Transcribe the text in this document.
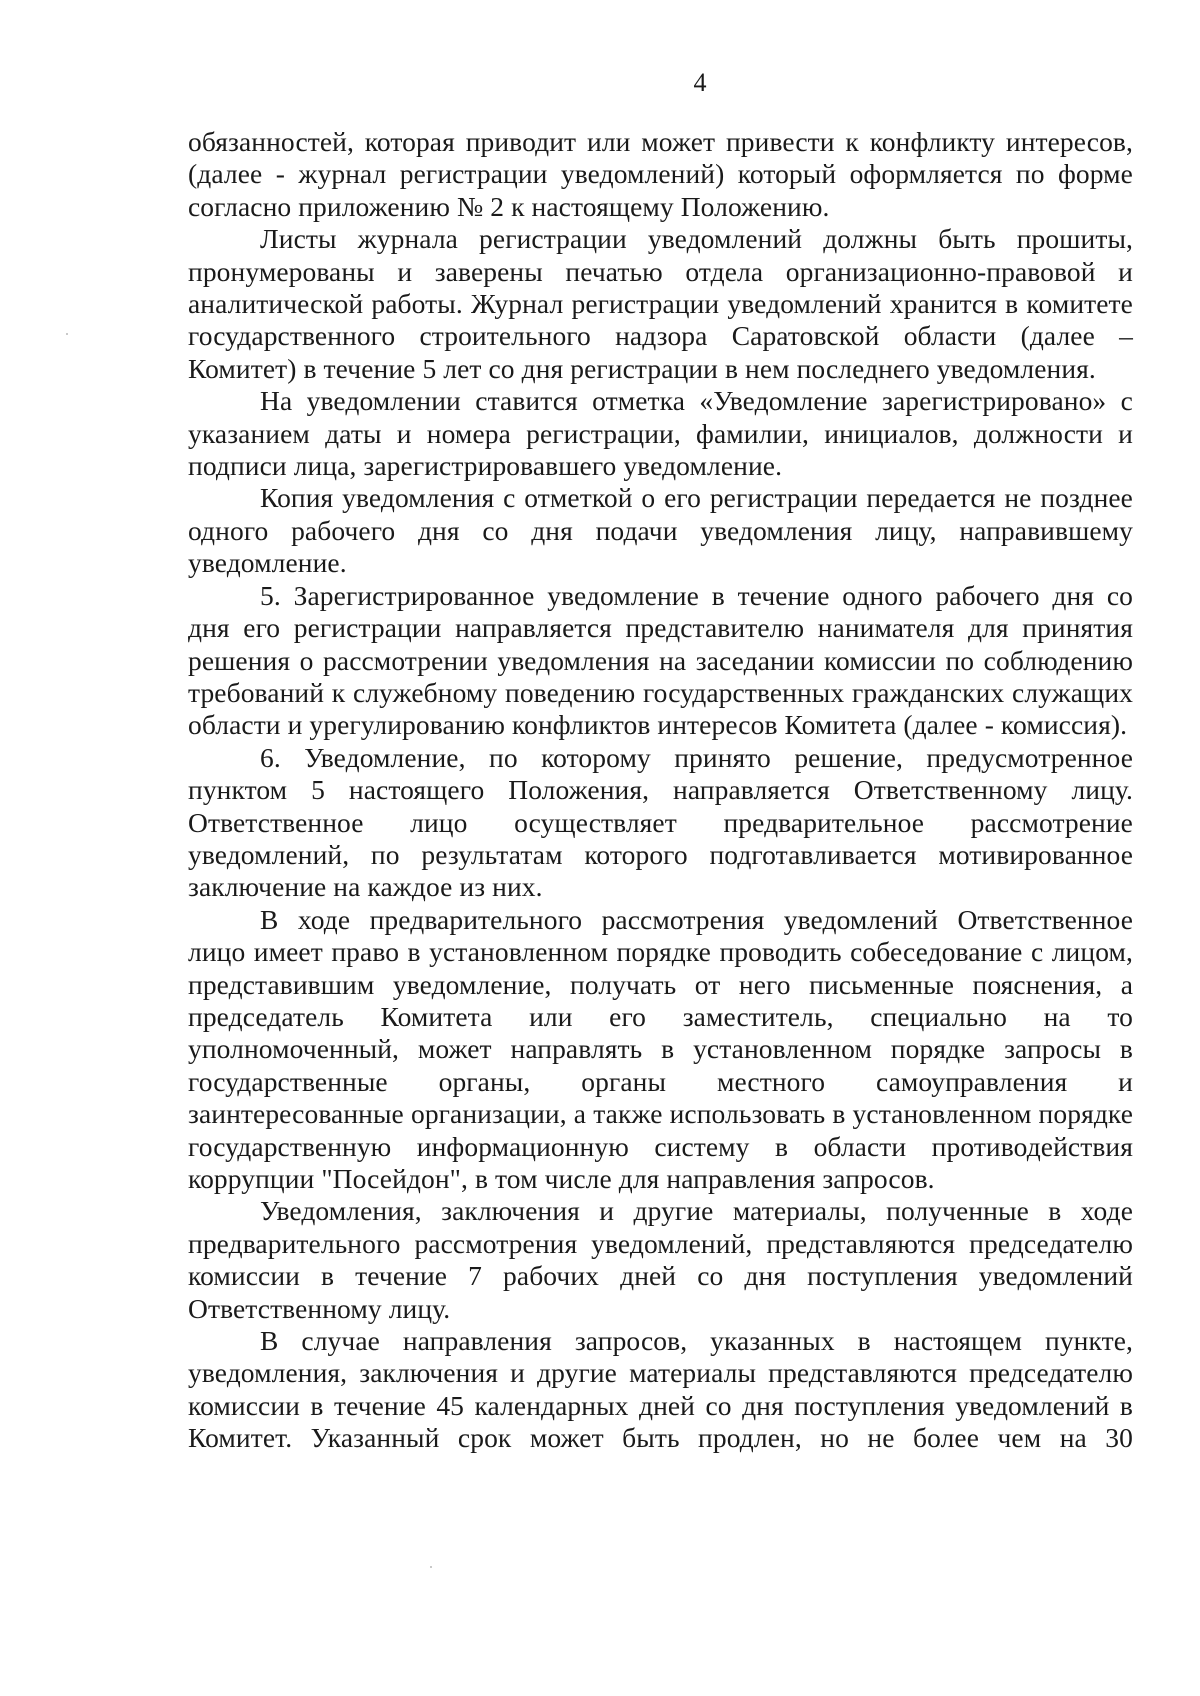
4

обязанностей, которая приводит или может привести к конфликту интересов, (далее - журнал регистрации уведомлений) который оформляется по форме согласно приложению № 2 к настоящему Положению.

Листы журнала регистрации уведомлений должны быть прошиты, пронумерованы и заверены печатью отдела организационно-правовой и аналитической работы. Журнал регистрации уведомлений хранится в комитете государственного строительного надзора Саратовской области (далее – Комитет) в течение 5 лет со дня регистрации в нем последнего уведомления.

На уведомлении ставится отметка «Уведомление зарегистрировано» с указанием даты и номера регистрации, фамилии, инициалов, должности и подписи лица, зарегистрировавшего уведомление.

Копия уведомления с отметкой о его регистрации передается не позднее одного рабочего дня со дня подачи уведомления лицу, направившему уведомление.

5. Зарегистрированное уведомление в течение одного рабочего дня со дня его регистрации направляется представителю нанимателя для принятия решения о рассмотрении уведомления на заседании комиссии по соблюдению требований к служебному поведению государственных гражданских служащих области и урегулированию конфликтов интересов Комитета (далее - комиссия).

6. Уведомление, по которому принято решение, предусмотренное пунктом 5 настоящего Положения, направляется Ответственному лицу. Ответственное лицо осуществляет предварительное рассмотрение уведомлений, по результатам которого подготавливается мотивированное заключение на каждое из них.

В ходе предварительного рассмотрения уведомлений Ответственное лицо имеет право в установленном порядке проводить собеседование с лицом, представившим уведомление, получать от него письменные пояснения, а председатель Комитета или его заместитель, специально на то уполномоченный, может направлять в установленном порядке запросы в государственные органы, органы местного самоуправления и заинтересованные организации, а также использовать в установленном порядке государственную информационную систему в области противодействия коррупции "Посейдон", в том числе для направления запросов.

Уведомления, заключения и другие материалы, полученные в ходе предварительного рассмотрения уведомлений, представляются председателю комиссии в течение 7 рабочих дней со дня поступления уведомлений Ответственному лицу.

В случае направления запросов, указанных в настоящем пункте, уведомления, заключения и другие материалы представляются председателю комиссии в течение 45 календарных дней со дня поступления уведомлений в Комитет. Указанный срок может быть продлен, но не более чем на 30
